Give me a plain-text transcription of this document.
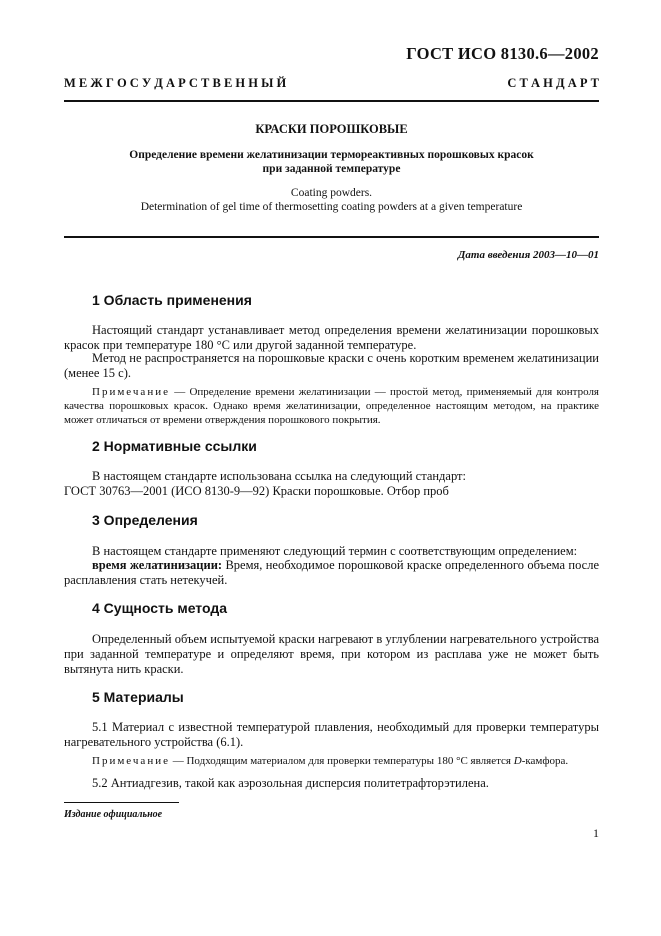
ГОСТ ИСО 8130.6—2002
М Е Ж Г О С У Д А Р С Т В Е Н Н Ы Й	С Т А Н Д А Р Т
КРАСКИ ПОРОШКОВЫЕ
Определение времени желатинизации термореактивных порошковых красок
при заданной температуре
Coating powders.
Determination of gel time of thermosetting coating powders at a given temperature
Дата введения 2003—10—01
1 Область применения
Настоящий стандарт устанавливает метод определения времени желатинизации порошковых красок при температуре 180 °С или другой заданной температуре.
Метод не распространяется на порошковые краски с очень коротким временем желатинизации (менее 15 с).
Примечание — Определение времени желатинизации — простой метод, применяемый для контроля качества порошковых красок. Однако время желатинизации, определенное настоящим методом, на практике может отличаться от времени отверждения порошкового покрытия.
2 Нормативные ссылки
В настоящем стандарте использована ссылка на следующий стандарт:
ГОСТ 30763—2001 (ИСО 8130-9—92) Краски порошковые. Отбор проб
3 Определения
В настоящем стандарте применяют следующий термин с соответствующим определением:
время желатинизации: Время, необходимое порошковой краске определенного объема после расплавления стать нетекучей.
4 Сущность метода
Определенный объем испытуемой краски нагревают в углублении нагревательного устройства при заданной температуре и определяют время, при котором из расплава уже не может быть вытянута нить краски.
5 Материалы
5.1 Материал с известной температурой плавления, необходимый для проверки температуры нагревательного устройства (6.1).
Примечание — Подходящим материалом для проверки температуры 180 °С является D-камфора.
5.2 Антиадгезив, такой как аэрозольная дисперсия политетрафторэтилена.
Издание официальное
1
